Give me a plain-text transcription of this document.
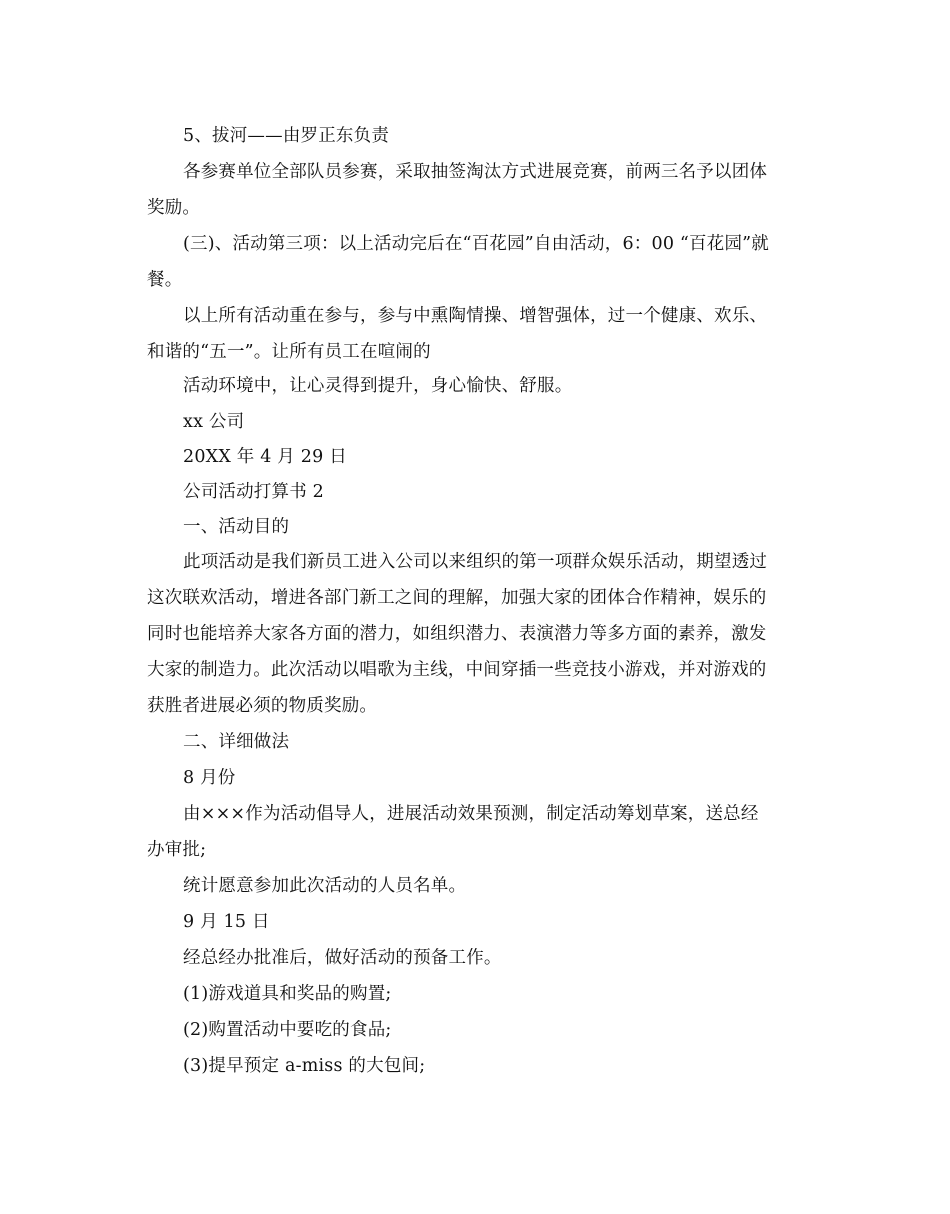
5、拔河——由罗正东负责
各参赛单位全部队员参赛，采取抽签淘汰方式进展竞赛，前两三名予以团体
奖励。
(三)、活动第三项：以上活动完后在“百花园”自由活动，6：00 “百花园”就
餐。
以上所有活动重在参与，参与中熏陶情操、增智强体，过一个健康、欢乐、
和谐的“五一”。让所有员工在喧闹的
活动环境中，让心灵得到提升，身心愉快、舒服。
xx 公司
20XX 年 4 月 29 日
公司活动打算书 2
一、活动目的
此项活动是我们新员工进入公司以来组织的第一项群众娱乐活动，期望透过
这次联欢活动，增进各部门新工之间的理解，加强大家的团体合作精神，娱乐的
同时也能培养大家各方面的潜力，如组织潜力、表演潜力等多方面的素养，激发
大家的制造力。此次活动以唱歌为主线，中间穿插一些竞技小游戏，并对游戏的
获胜者进展必须的物质奖励。
二、详细做法
8 月份
由×××作为活动倡导人，进展活动效果预测，制定活动筹划草案，送总经
办审批;
统计愿意参加此次活动的人员名单。
9 月 15 日
经总经办批准后，做好活动的预备工作。
(1)游戏道具和奖品的购置;
(2)购置活动中要吃的食品;
(3)提早预定 a-miss 的大包间;
